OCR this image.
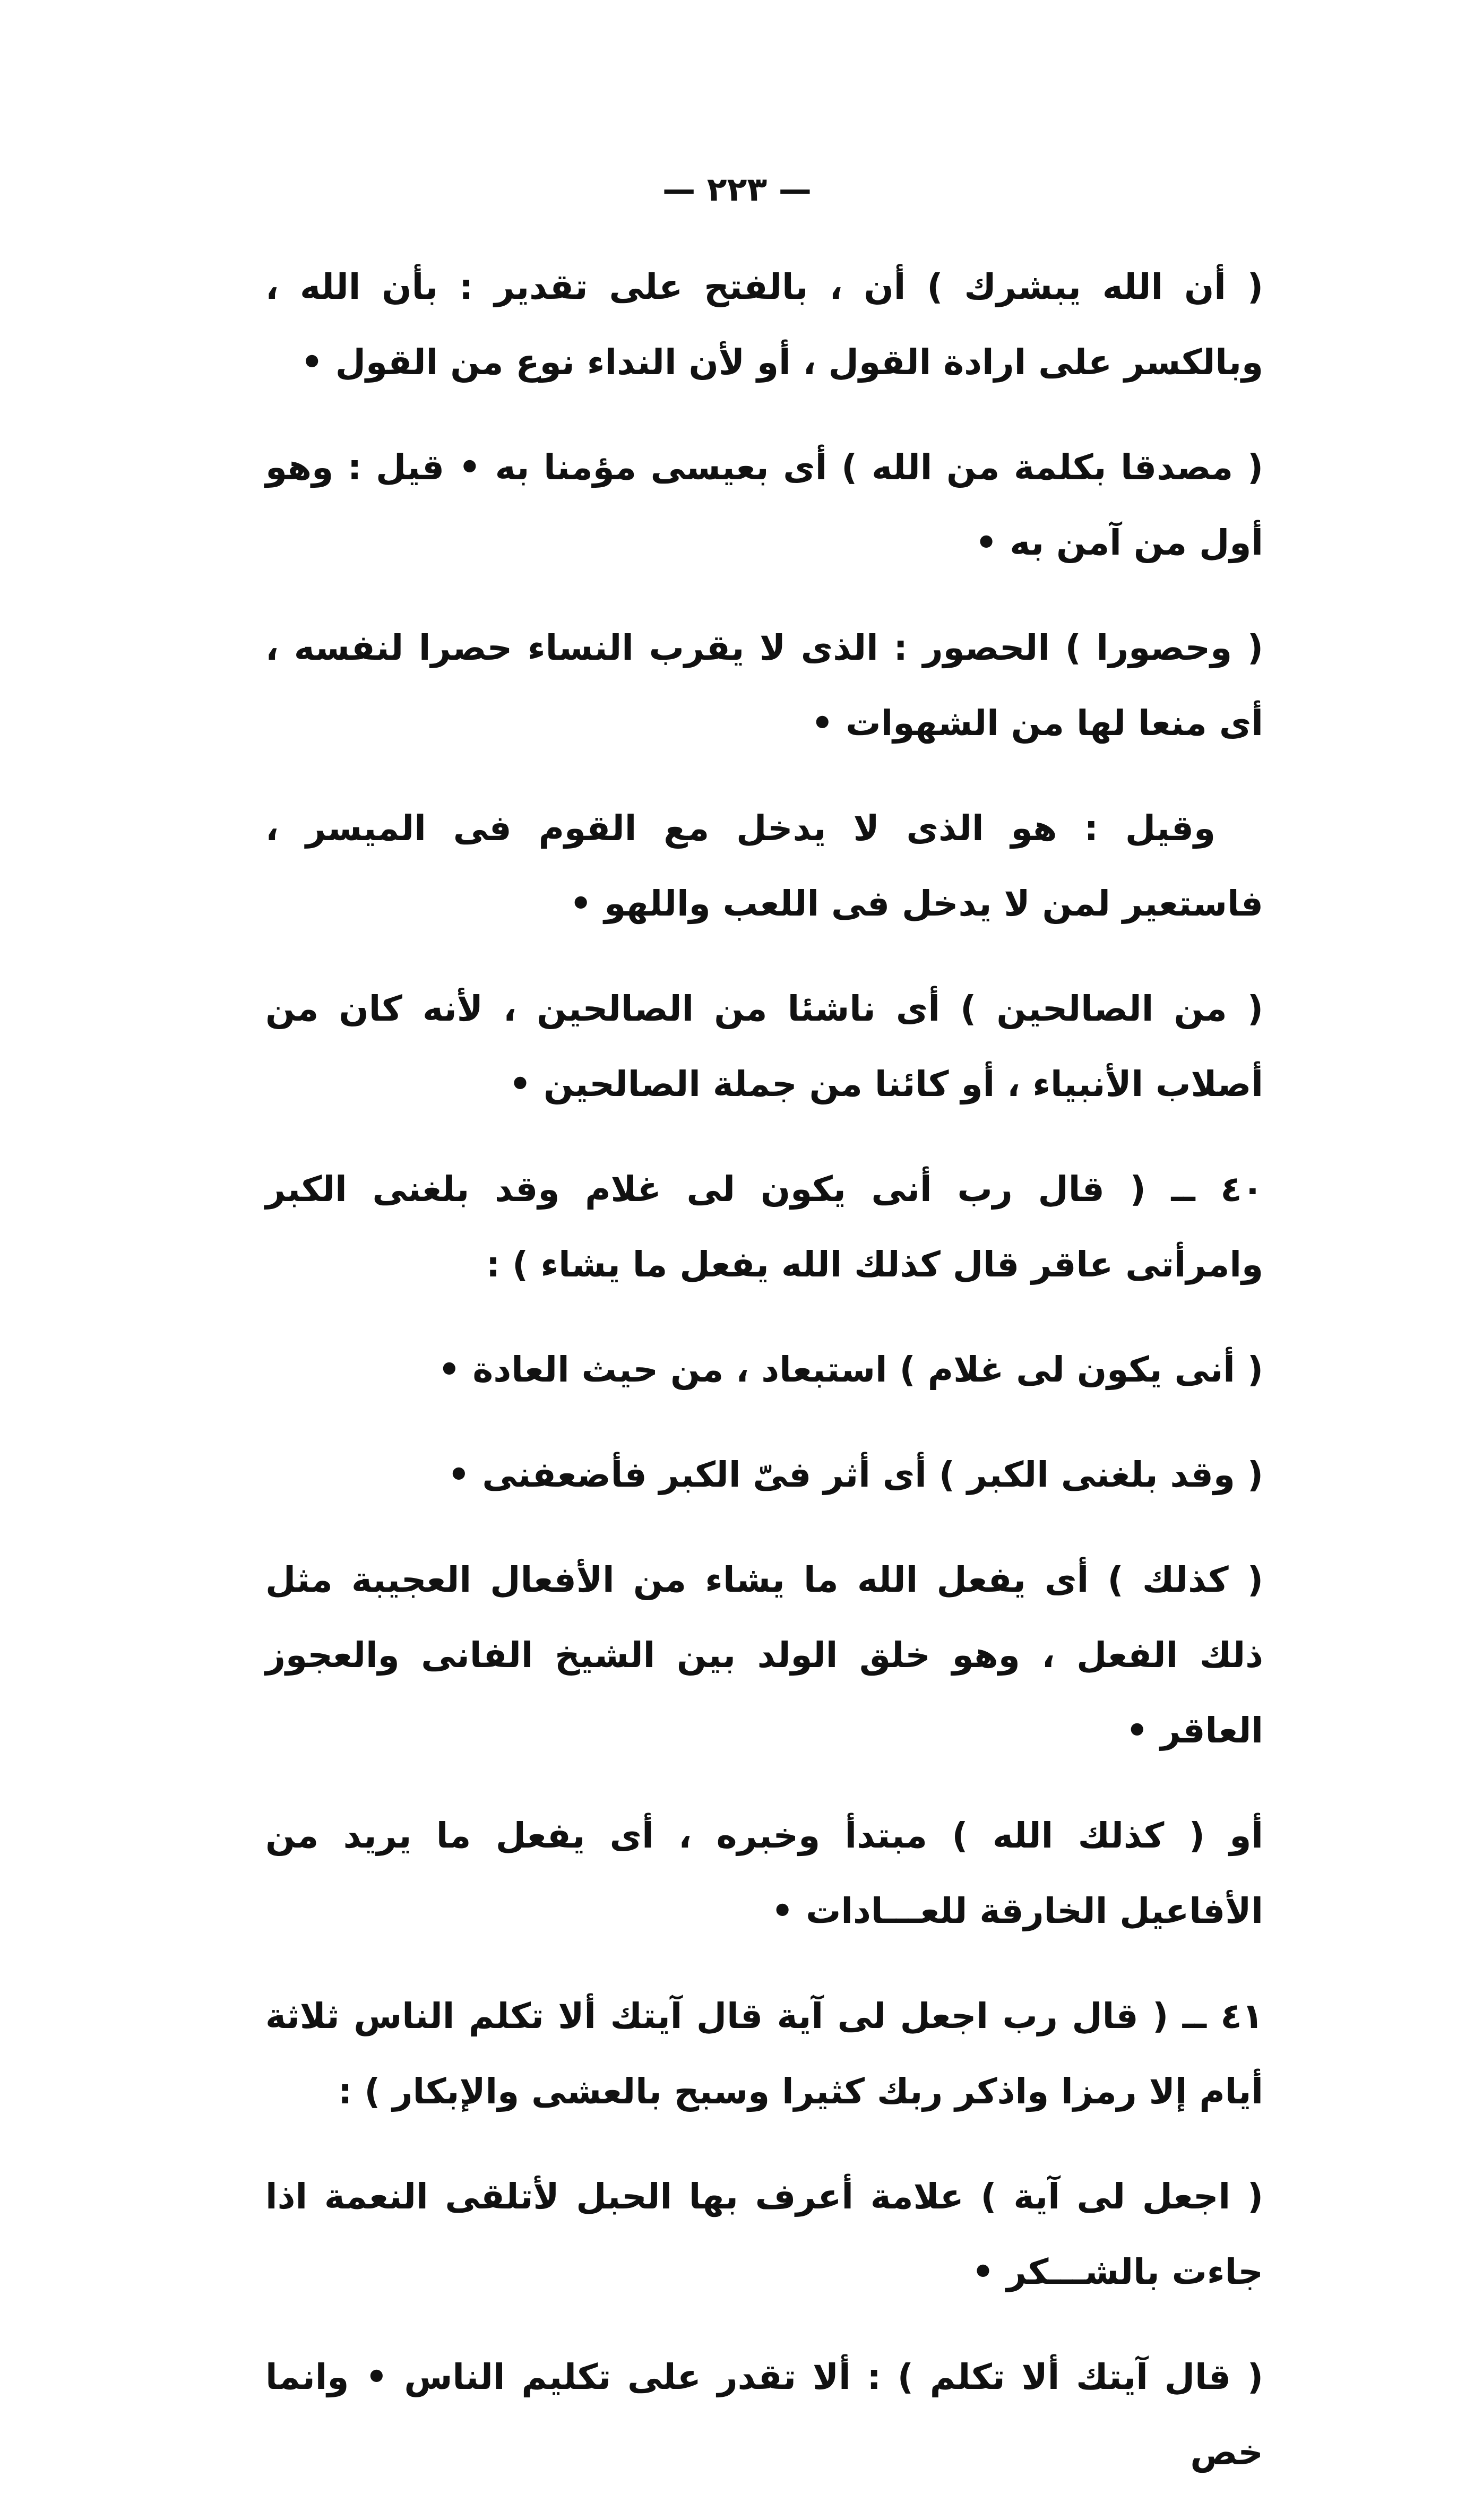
— ٢٢٣ —

( أن الله يبشرك ) أن ، بالفتح على تقدير : بأن الله ، وبالكسر على ارادة القول ، أو لأن النداء نوع من القول •

( مصدقا بكلمة من الله ) أى بعيسى مؤمنا به • قيل : وهو أول من آمن به •

( وحصورا ) الحصور : الذى لا يقرب النساء حصرا لنفسه ، أى منعا لها من الشهوات •

وقيل : هو الذى لا يدخل مع القوم فى الميسر ، فاستعير لمن لا يدخل فى اللعب واللهو •

( من الصالحين ) أى ناشئا من الصالحين ، لأنه كان من أصلاب الأنبياء ، أو كائنا من جملة الصالحين •

٤٠ ــ ( قال رب أنى يكون لى غلام وقد بلغنى الكبر وامرأتى عاقر قال كذلك الله يفعل ما يشاء ) :

( أنى يكون لى غلام ) استبعاد ، من حيث العادة •

( وقد بلغنى الكبر ) أى أثر فىّ الكبر فأضعفنى •

( كذلك ) أى يفعل الله ما يشاء من الأفعال العجيبة مثل ذلك الفعل ، وهو خلق الولد بين الشيخ الفانى والعجوز العاقر •

أو ( كذلك الله ) مبتدأ وخبره ، أى يفعل ما يريد من الأفاعيل الخارقة للعـــادات •

٤١ ــ ( قال رب اجعل لى آية قال آيتك ألا تكلم الناس ثلاثة أيام إلا رمزا واذكر ربك كثيرا وسبح بالعشى والإبكار ) :

( اجعل لى آية ) علامة أعرف بها الحبل لأتلقى النعمة اذا جاءت بالشـــكر •

( قال آيتك ألا تكلم ) : ألا تقدر على تكليم الناس • وانما خص
